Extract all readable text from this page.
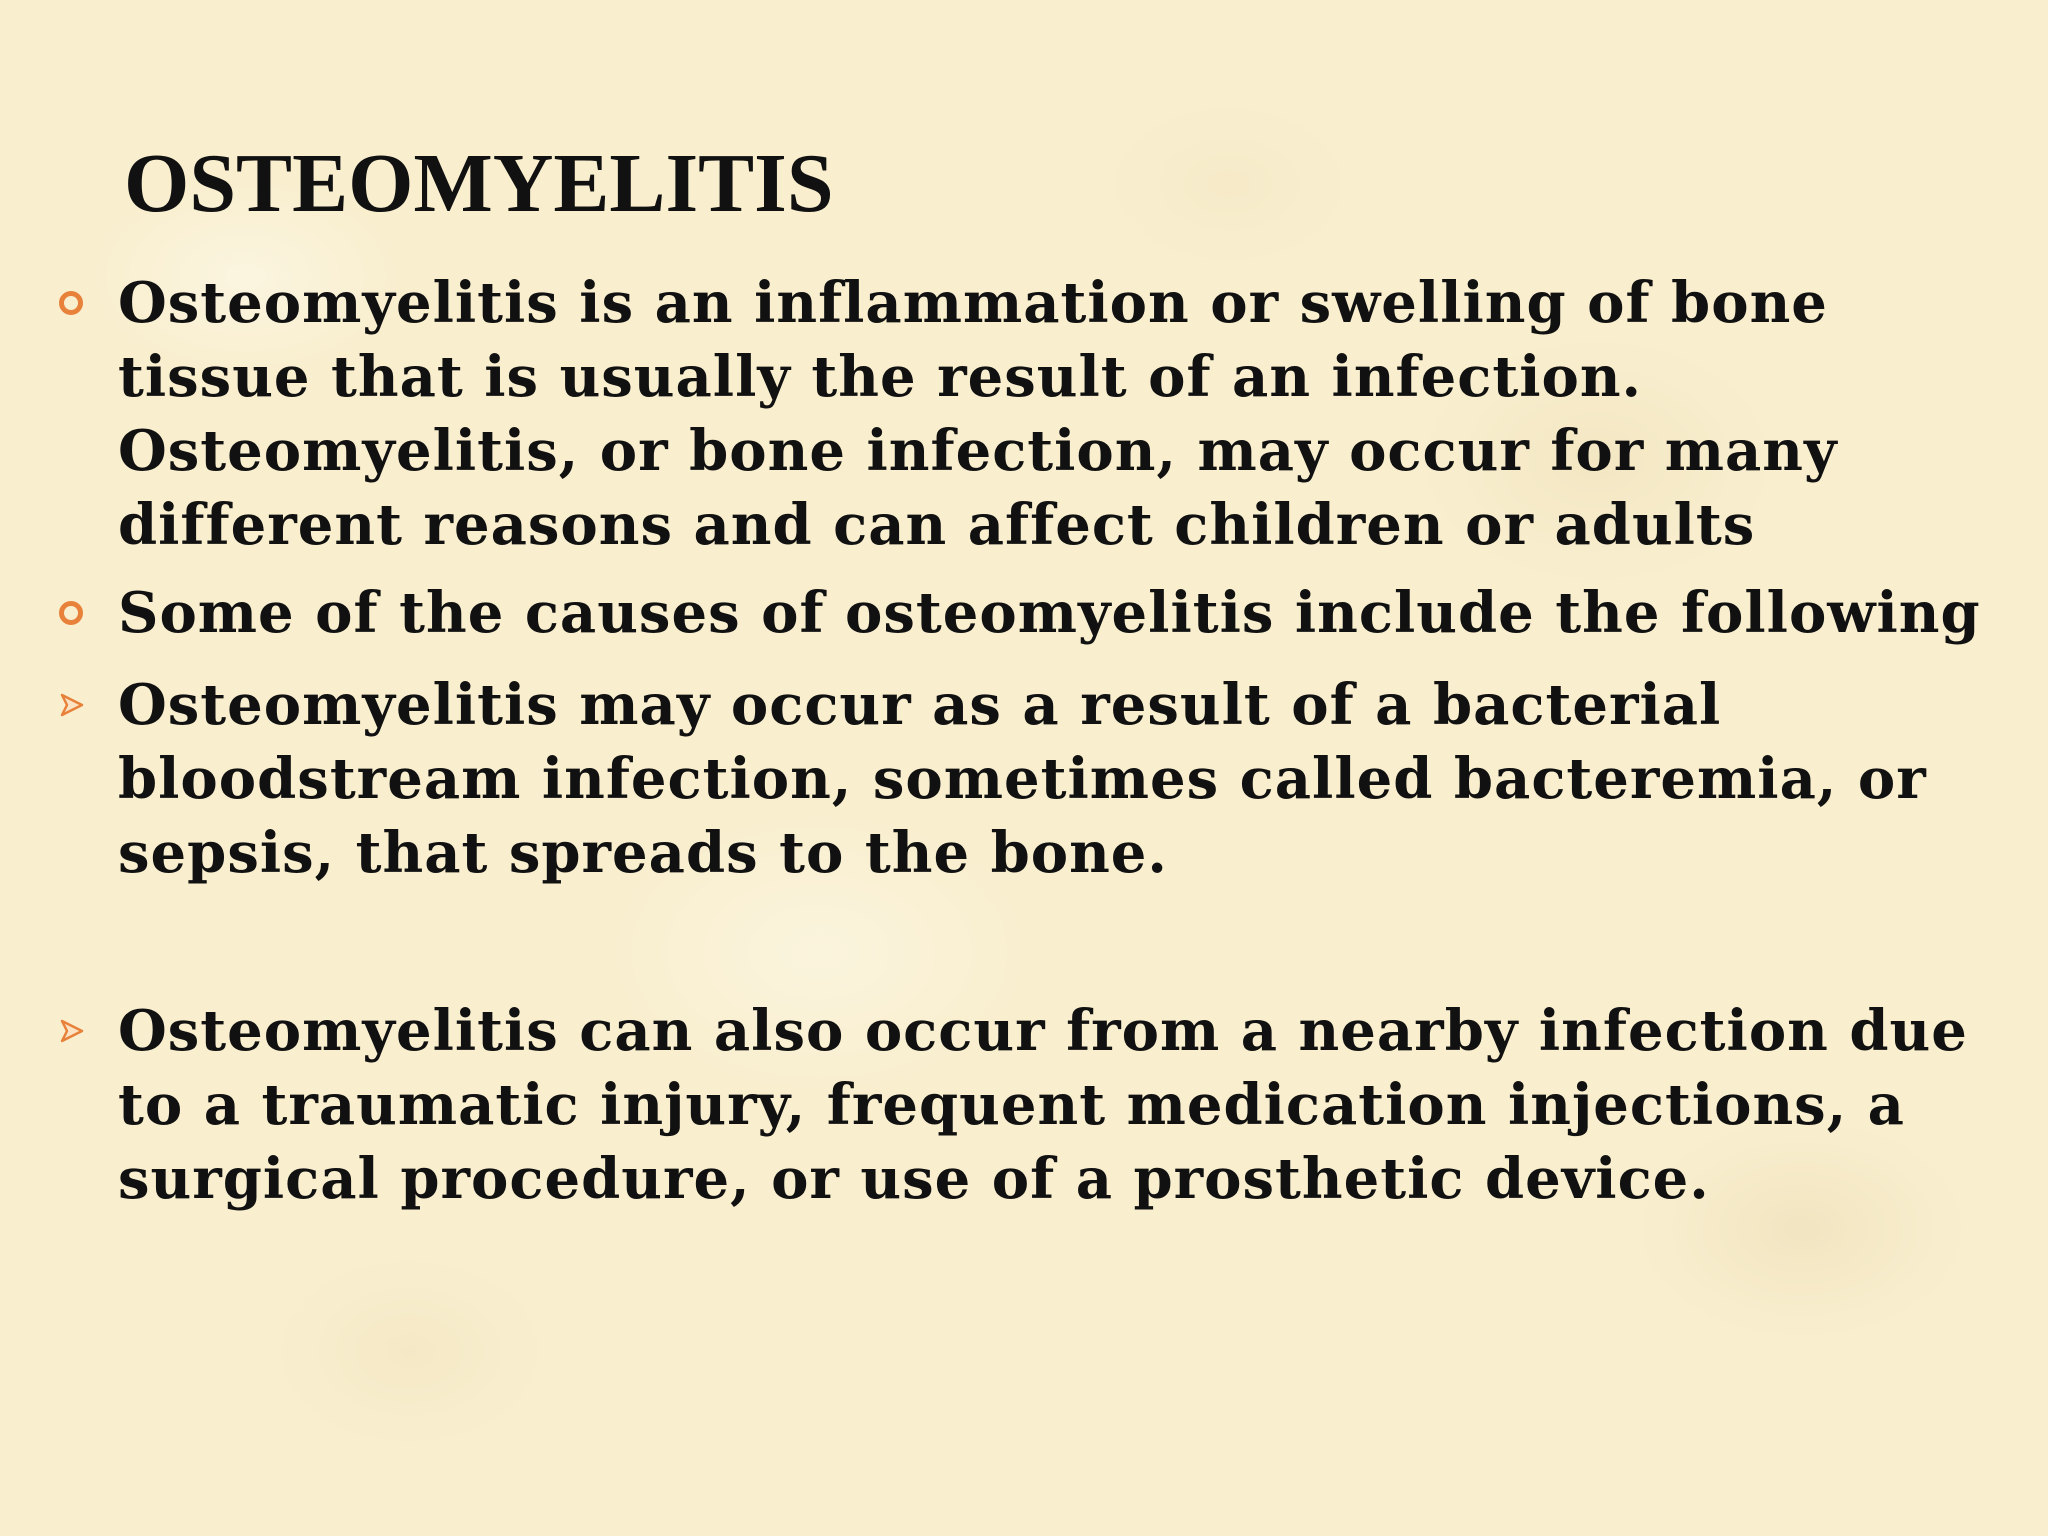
OSTEOMYELITIS
Osteomyelitis is an inflammation or swelling of bone tissue that is usually the result of an infection. Osteomyelitis, or bone infection, may occur for many different reasons and can affect children or adults
Some of the causes of osteomyelitis include the following
Osteomyelitis may occur as a result of a bacterial bloodstream infection, sometimes called bacteremia, or sepsis, that spreads to the bone.
Osteomyelitis can also occur from a nearby infection due to a traumatic injury, frequent medication injections, a surgical procedure, or use of a prosthetic device.
